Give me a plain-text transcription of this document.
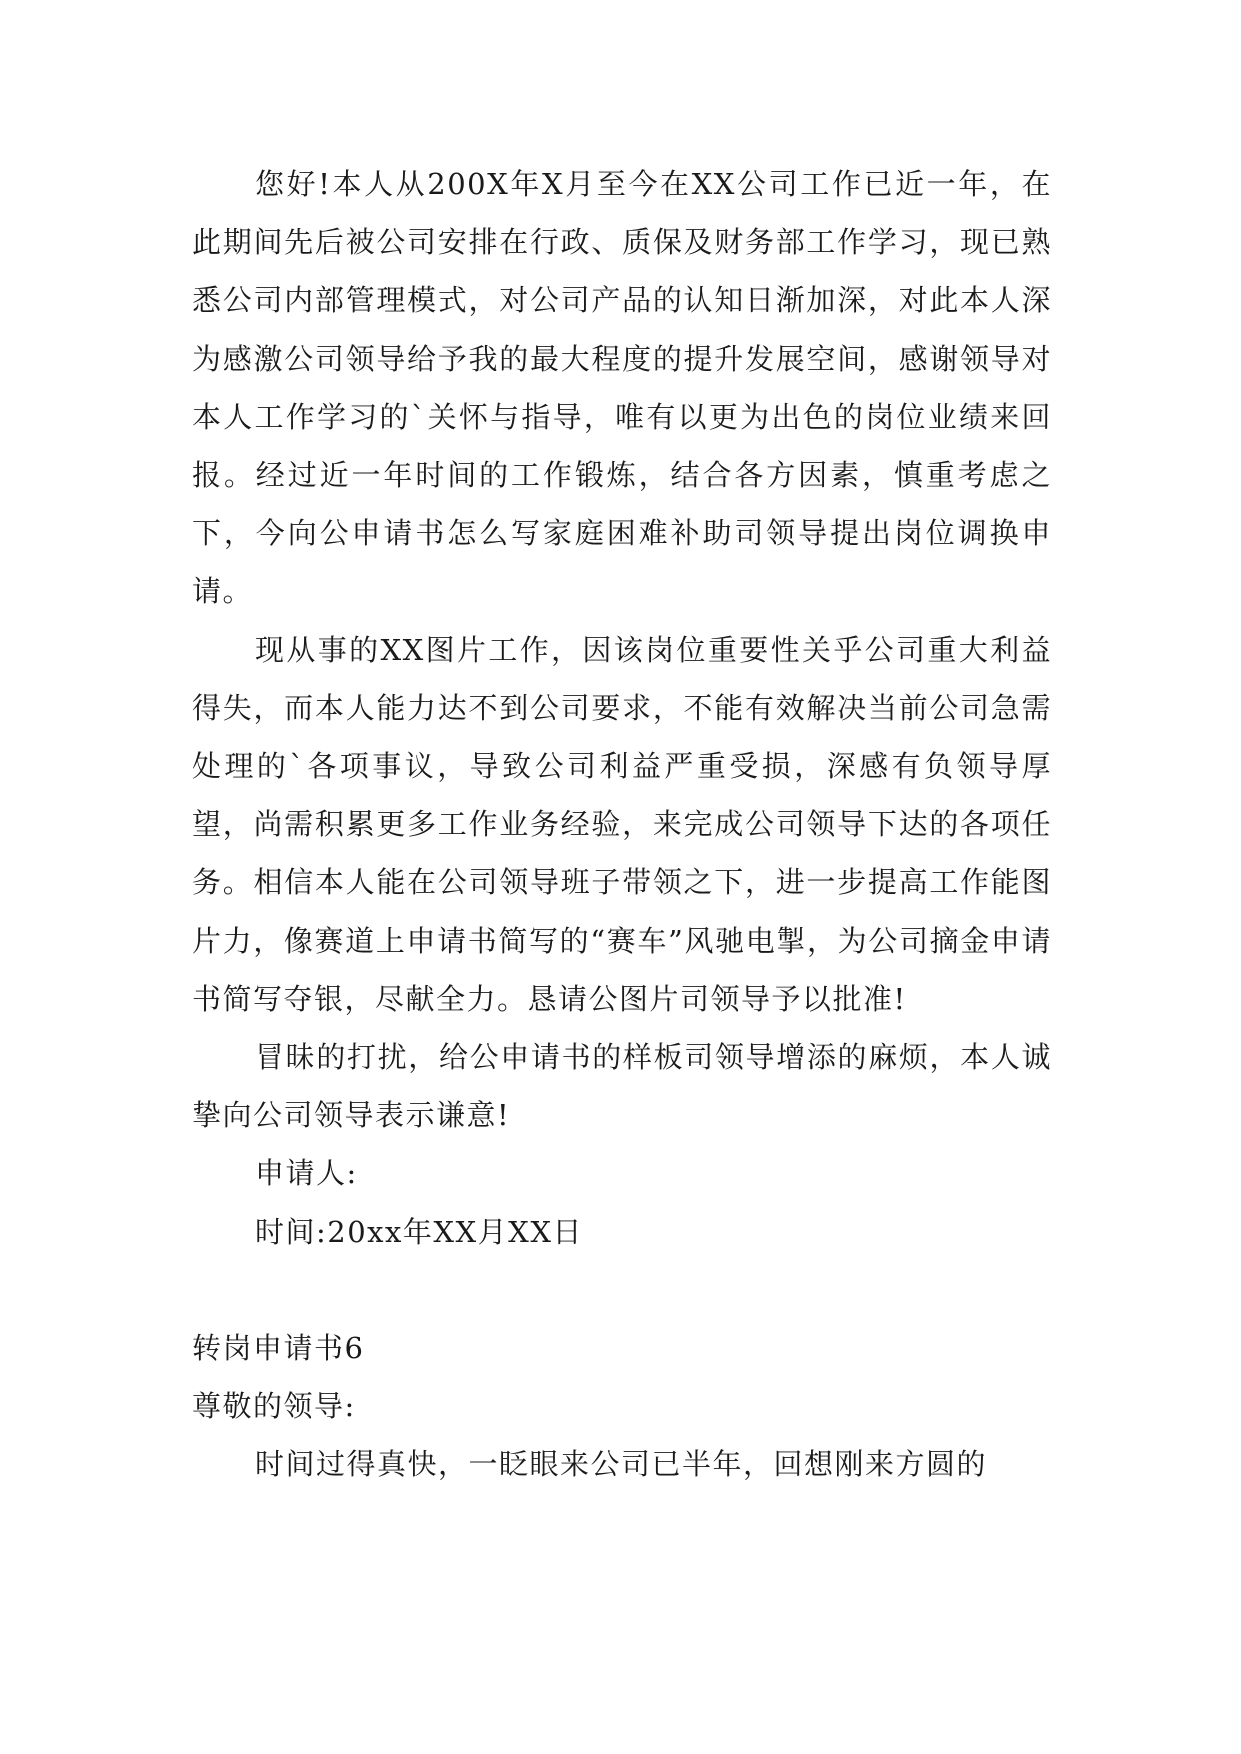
您好!本人从200X年X月至今在XX公司工作已近一年，在此期间先后被公司安排在行政、质保及财务部工作学习，现已熟悉公司内部管理模式，对公司产品的认知日渐加深，对此本人深为感激公司领导给予我的最大程度的提升发展空间，感谢领导对本人工作学习的`关怀与指导，唯有以更为出色的岗位业绩来回报。经过近一年时间的工作锻炼，结合各方因素，慎重考虑之下，今向公申请书怎么写家庭困难补助司领导提出岗位调换申请。

现从事的XX图片工作，因该岗位重要性关乎公司重大利益得失，而本人能力达不到公司要求，不能有效解决当前公司急需处理的`各项事议，导致公司利益严重受损，深感有负领导厚望，尚需积累更多工作业务经验，来完成公司领导下达的各项任务。相信本人能在公司领导班子带领之下，进一步提高工作能图片力，像赛道上申请书简写的“赛车”风驰电掣，为公司摘金申请书简写夺银，尽献全力。恳请公图片司领导予以批准!

冒昧的打扰，给公申请书的样板司领导增添的麻烦，本人诚挚向公司领导表示谦意!

申请人:

时间:20xx年XX月XX日

转岗申请书6

尊敬的领导:

时间过得真快，一眨眼来公司已半年，回想刚来方圆的
